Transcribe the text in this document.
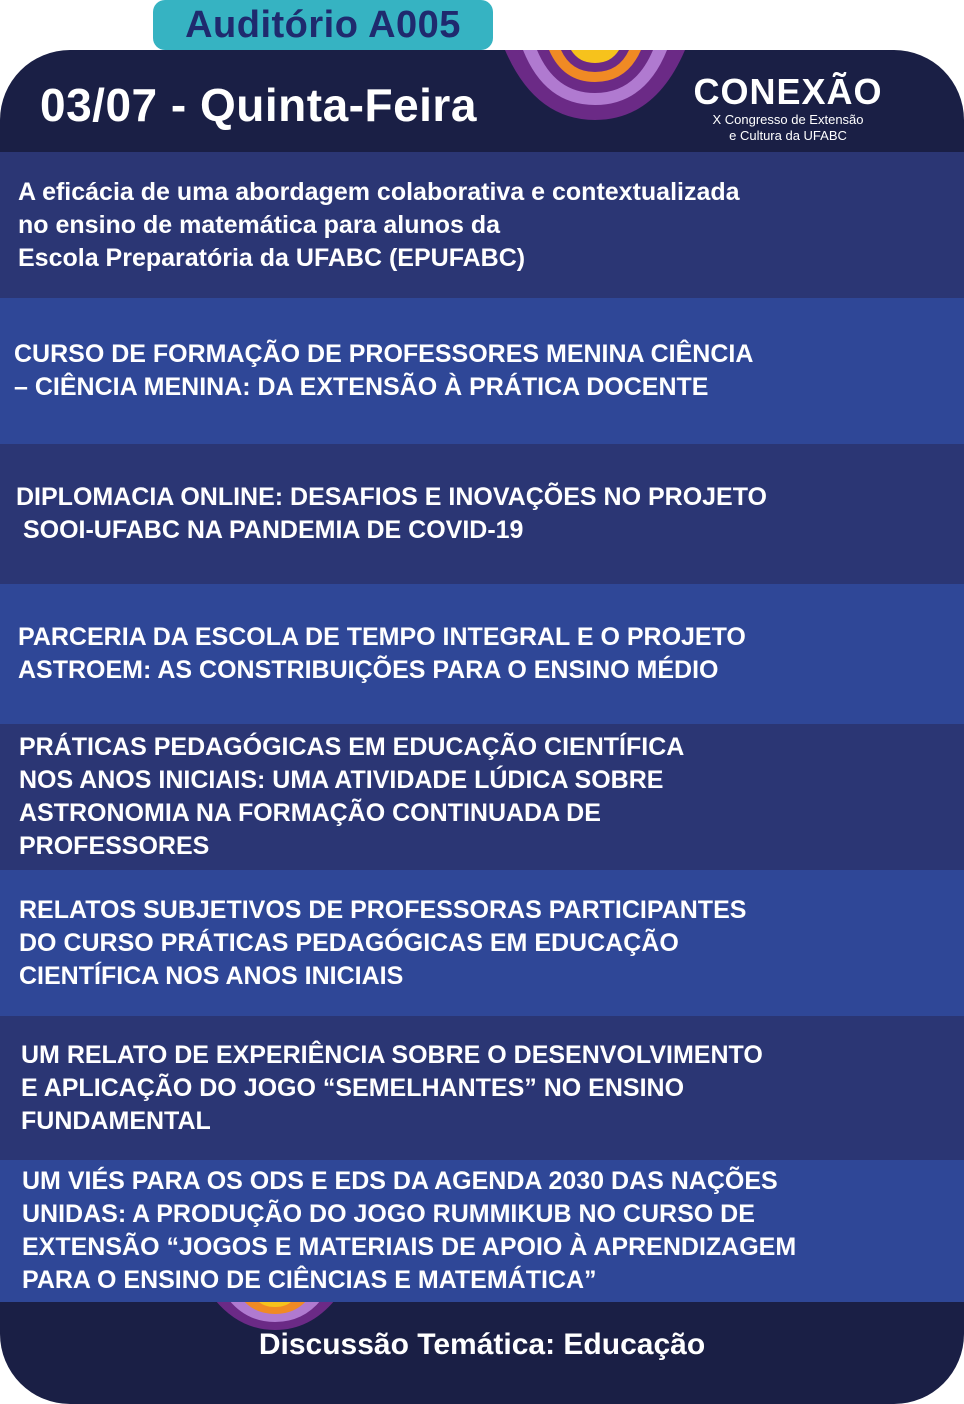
Auditório A005
03/07 - Quinta-Feira	CONEXÃO
X Congresso de Extensão
e Cultura da UFABC
A eficácia de uma abordagem colaborativa e contextualizada
no ensino de matemática para alunos da
Escola Preparatória da UFABC (EPUFABC)
CURSO DE FORMAÇÃO DE PROFESSORES MENINA CIÊNCIA
– CIÊNCIA MENINA: DA EXTENSÃO À PRÁTICA DOCENTE
DIPLOMACIA ONLINE: DESAFIOS E INOVAÇÕES NO PROJETO
SOOI-UFABC NA PANDEMIA DE COVID-19
PARCERIA DA ESCOLA DE TEMPO INTEGRAL E O PROJETO
ASTROEM: AS CONSTRIBUIÇÕES PARA O ENSINO MÉDIO
PRÁTICAS PEDAGÓGICAS EM EDUCAÇÃO CIENTÍFICA
NOS ANOS INICIAIS: UMA ATIVIDADE LÚDICA SOBRE
ASTRONOMIA NA FORMAÇÃO CONTINUADA DE
PROFESSORES
RELATOS SUBJETIVOS DE PROFESSORAS PARTICIPANTES
DO CURSO PRÁTICAS PEDAGÓGICAS EM EDUCAÇÃO
CIENTÍFICA NOS ANOS INICIAIS
UM RELATO DE EXPERIÊNCIA SOBRE O DESENVOLVIMENTO
E APLICAÇÃO DO JOGO “SEMELHANTES” NO ENSINO
FUNDAMENTAL
UM VIÉS PARA OS ODS E EDS DA AGENDA 2030 DAS NAÇÕES
UNIDAS: A PRODUÇÃO DO JOGO RUMMIKUB NO CURSO DE
EXTENSÃO “JOGOS E MATERIAIS DE APOIO À APRENDIZAGEM
PARA O ENSINO DE CIÊNCIAS E MATEMÁTICA”
Discussão Temática: Educação
